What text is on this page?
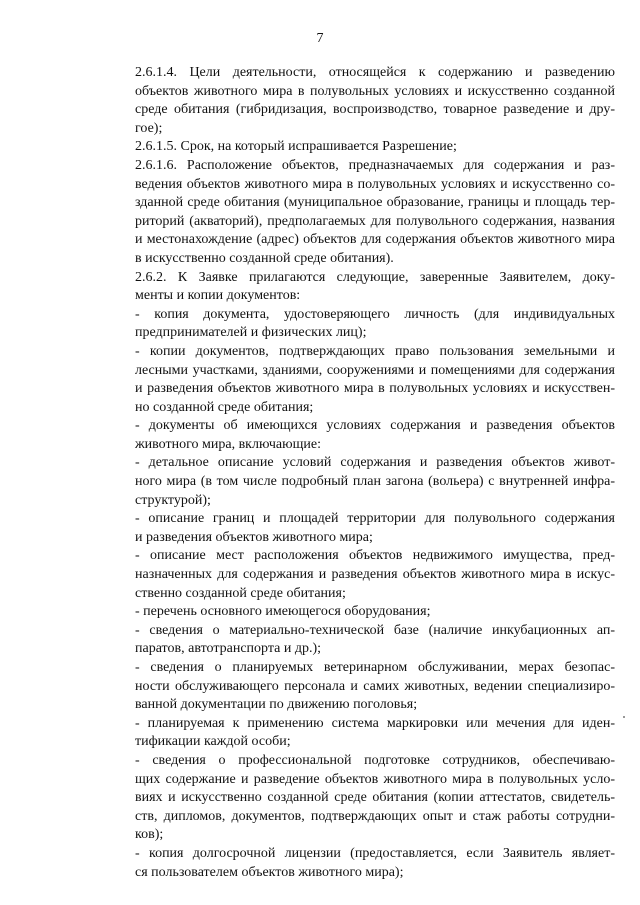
7

2.6.1.4. Цели деятельности, относящейся к содержанию и разведению
объектов животного мира в полувольных условиях и искусственно созданной
среде обитания (гибридизация, воспроизводство, товарное разведение и дру-
гое);

2.6.1.5. Срок, на который испрашивается Разрешение;

2.6.1.6. Расположение объектов, предназначаемых для содержания и раз-
ведения объектов животного мира в полувольных условиях и искусственно со-
зданной среде обитания (муниципальное образование, границы и площадь тер-
риторий (акваторий), предполагаемых для полувольного содержания, названия
и местонахождение (адрес) объектов для содержания объектов животного мира
в искусственно созданной среде обитания).

2.6.2. К Заявке прилагаются следующие, заверенные Заявителем, доку-
менты и копии документов:

- копия документа, удостоверяющего личность (для индивидуальных
предпринимателей и физических лиц);

- копии документов, подтверждающих право пользования земельными и
лесными участками, зданиями, сооружениями и помещениями для содержания
и разведения объектов животного мира в полувольных условиях и искусствен-
но созданной среде обитания;

- документы об имеющихся условиях содержания и разведения объектов
животного мира, включающие:

- детальное описание условий содержания и разведения объектов живот-
ного мира (в том числе подробный план загона (вольера) с внутренней инфра-
структурой);

- описание границ и площадей территории для полувольного содержания
и разведения объектов животного мира;

- описание мест расположения объектов недвижимого имущества, пред-
назначенных для содержания и разведения объектов животного мира в искус-
ственно созданной среде обитания;

- перечень основного имеющегося оборудования;

- сведения о материально-технической базе (наличие инкубационных ап-
паратов, автотранспорта и др.);

- сведения о планируемых ветеринарном обслуживании, мерах безопас-
ности обслуживающего персонала и самих животных, ведении специализиро-
ванной документации по движению поголовья;

- планируемая к применению система маркировки или мечения для иден-
тификации каждой особи;

- сведения о профессиональной подготовке сотрудников, обеспечиваю-
щих содержание и разведение объектов животного мира в полувольных усло-
виях и искусственно созданной среде обитания (копии аттестатов, свидетель-
ств, дипломов, документов, подтверждающих опыт и стаж работы сотрудни-
ков);

- копия долгосрочной лицензии (предоставляется, если Заявитель являет-
ся пользователем объектов животного мира);
